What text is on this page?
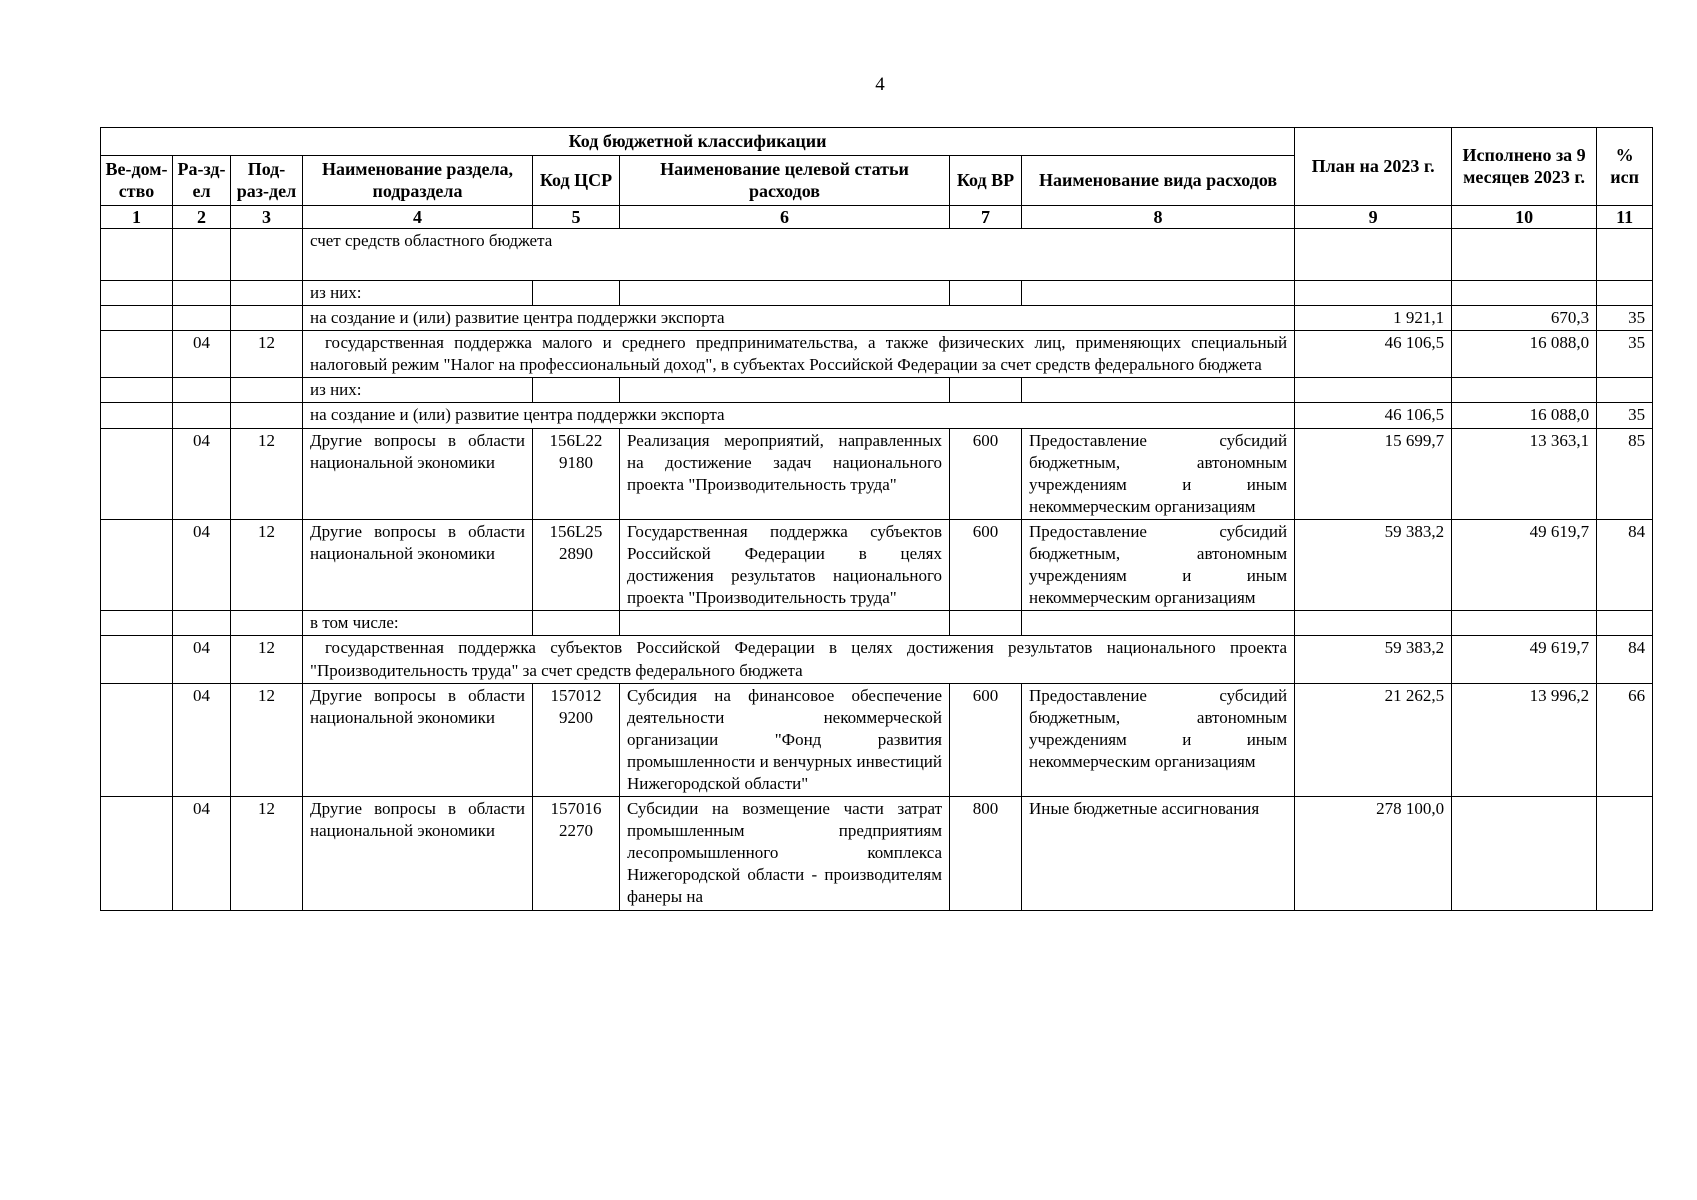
4
Код бюджетной классификации								План на 2023 г.	Исполнено за 9 месяцев 2023 г.	% исп
Ве-дом-ство	Ра-зд-ел	Под-раз-дел	Наименование раздела, подраздела	Код ЦСР	Наименование целевой статьи расходов	Код ВР	Наименование вида расходов			
1	2	3	4	5	6	7	8	9	10	11
			счет средств областного бюджета							
			из них:							
			на создание и (или) развитие центра поддержки экспорта					1 921,1	670,3	35
	04	12	государственная поддержка малого и среднего предпринимательства, а также физических лиц, применяющих специальный налоговый режим "Налог на профессиональный доход", в субъектах Российской Федерации за счет средств федерального бюджета					46 106,5	16 088,0	35
			из них:							
			на создание и (или) развитие центра поддержки экспорта					46 106,5	16 088,0	35
	04	12	Другие вопросы в области национальной экономики	156L22 9180	Реализация мероприятий, направленных на достижение задач национального проекта "Производительность труда"	600	Предоставление субсидий бюджетным, автономным учреждениям и иным некоммерческим организациям	15 699,7	13 363,1	85
	04	12	Другие вопросы в области национальной экономики	156L25 2890	Государственная поддержка субъектов Российской Федерации в целях достижения результатов национального проекта "Производительность труда"	600	Предоставление субсидий бюджетным, автономным учреждениям и иным некоммерческим организациям	59 383,2	49 619,7	84
			в том числе:							
	04	12	государственная поддержка субъектов Российской Федерации в целях достижения результатов национального проекта "Производительность труда" за счет средств федерального бюджета					59 383,2	49 619,7	84
	04	12	Другие вопросы в области национальной экономики	157012 9200	Субсидия на финансовое обеспечение деятельности некоммерческой организации "Фонд развития промышленности и венчурных инвестиций Нижегородской области"	600	Предоставление субсидий бюджетным, автономным учреждениям и иным некоммерческим организациям	21 262,5	13 996,2	66
	04	12	Другие вопросы в области национальной экономики	157016 2270	Субсидии на возмещение части затрат промышленным предприятиям лесопромышленного комплекса Нижегородской области - производителям фанеры на	800	Иные бюджетные ассигнования	278 100,0		
